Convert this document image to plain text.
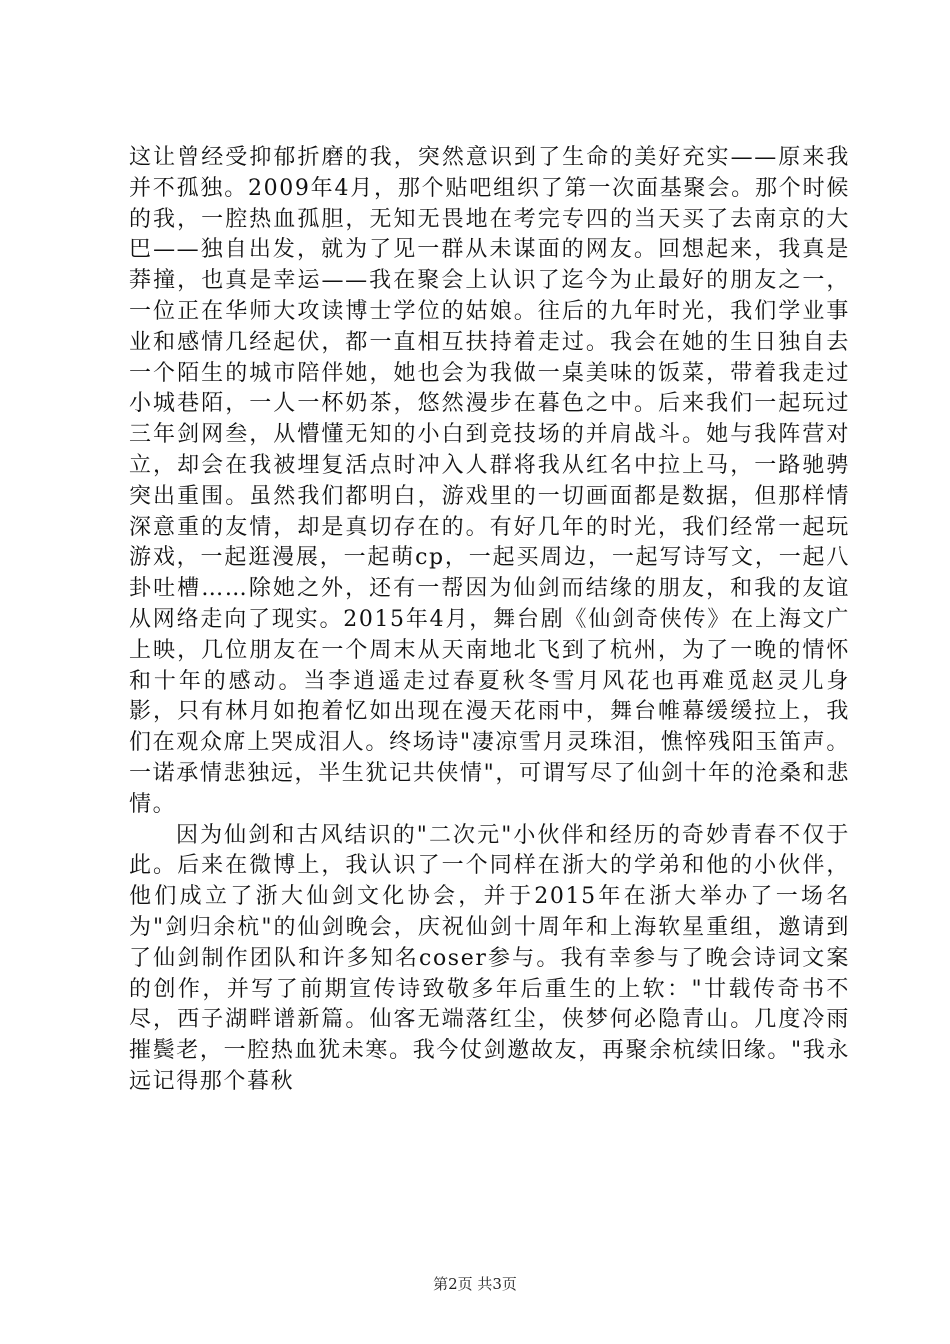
这让曾经受抑郁折磨的我，突然意识到了生命的美好充实——原来我并不孤独。2009年4月，那个贴吧组织了第一次面基聚会。那个时候的我，一腔热血孤胆，无知无畏地在考完专四的当天买了去南京的大巴——独自出发，就为了见一群从未谋面的网友。回想起来，我真是莽撞，也真是幸运——我在聚会上认识了迄今为止最好的朋友之一，一位正在华师大攻读博士学位的姑娘。往后的九年时光，我们学业事业和感情几经起伏，都一直相互扶持着走过。我会在她的生日独自去一个陌生的城市陪伴她，她也会为我做一桌美味的饭菜，带着我走过小城巷陌，一人一杯奶茶，悠然漫步在暮色之中。后来我们一起玩过三年剑网叁，从懵懂无知的小白到竞技场的并肩战斗。她与我阵营对立，却会在我被埋复活点时冲入人群将我从红名中拉上马，一路驰骋突出重围。虽然我们都明白，游戏里的一切画面都是数据，但那样情深意重的友情，却是真切存在的。有好几年的时光，我们经常一起玩游戏，一起逛漫展，一起萌cp，一起买周边，一起写诗写文，一起八卦吐槽……除她之外，还有一帮因为仙剑而结缘的朋友，和我的友谊从网络走向了现实。2015年4月，舞台剧《仙剑奇侠传》在上海文广上映，几位朋友在一个周末从天南地北飞到了杭州，为了一晚的情怀和十年的感动。当李逍遥走过春夏秋冬雪月风花也再难觅赵灵儿身影，只有林月如抱着忆如出现在漫天花雨中，舞台帷幕缓缓拉上，我们在观众席上哭成泪人。终场诗"凄凉雪月灵珠泪，憔悴残阳玉笛声。一诺承情悲独远，半生犹记共侠情"，可谓写尽了仙剑十年的沧桑和悲情。

因为仙剑和古风结识的"二次元"小伙伴和经历的奇妙青春不仅于此。后来在微博上，我认识了一个同样在浙大的学弟和他的小伙伴，他们成立了浙大仙剑文化协会，并于2015年在浙大举办了一场名为"剑归余杭"的仙剑晚会，庆祝仙剑十周年和上海软星重组，邀请到了仙剑制作团队和许多知名coser参与。我有幸参与了晚会诗词文案的创作，并写了前期宣传诗致敬多年后重生的上软："廿载传奇书不尽，西子湖畔谱新篇。仙客无端落红尘，侠梦何必隐青山。几度冷雨摧鬓老，一腔热血犹未寒。我今仗剑邀故友，再聚余杭续旧缘。"我永远记得那个暮秋

第2页 共3页
